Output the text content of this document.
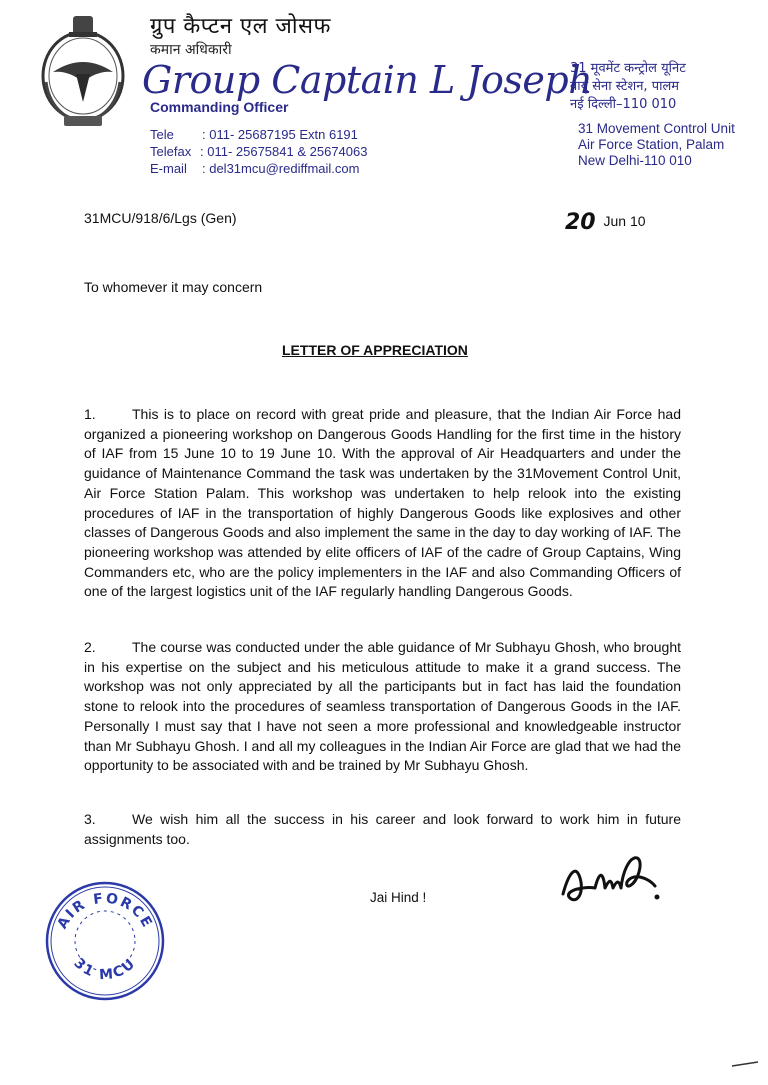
ग्रुप कैप्टन एल जोसफ
कमान अधिकारी
Group Captain L Joseph
Commanding Officer
Tele	: 011- 25687195 Extn 6191
Telefax : 011- 25675841 & 25674063
E-mail	: del31mcu@rediffmail.com
31 मूवमेंट कन्ट्रोल यूनिट
वायु सेना स्टेशन, पालम
नई दिल्ली–110 010
31 Movement Control Unit
Air Force Station, Palam
New Delhi-110 010
31MCU/918/6/Lgs (Gen)	20 Jun 10
To whomever it may concern
LETTER OF APPRECIATION

1.	This is to place on record with great pride and pleasure, that the Indian Air Force had organized a pioneering workshop on Dangerous Goods Handling for the first time in the history of IAF from 15 June 10 to 19 June 10. With the approval of Air Headquarters and under the guidance of Maintenance Command the task was undertaken by the 31Movement Control Unit, Air Force Station Palam. This workshop was undertaken to help relook into the existing procedures of IAF in the transportation of highly Dangerous Goods like explosives and other classes of Dangerous Goods and also implement the same in the day to day working of IAF. The pioneering workshop was attended by elite officers of IAF of the cadre of Group Captains, Wing Commanders etc, who are the policy implementers in the IAF and also Commanding Officers of one of the largest logistics unit of the IAF regularly handling Dangerous Goods.

2.	The course was conducted under the able guidance of Mr Subhayu Ghosh, who brought in his expertise on the subject and his meticulous attitude to make it a grand success. The workshop was not only appreciated by all the participants but in fact has laid the foundation stone to relook into the procedures of seamless transportation of Dangerous Goods in the IAF. Personally I must say that I have not seen a more professional and knowledgeable instructor than Mr Subhayu Ghosh. I and all my colleagues in the Indian Air Force are glad that we had the opportunity to be associated with and be trained by Mr Subhayu Ghosh.

3.	We wish him all the success in his career and look forward to work him in future assignments too.

Jai Hind !
AIR FORCE
31 MCU
